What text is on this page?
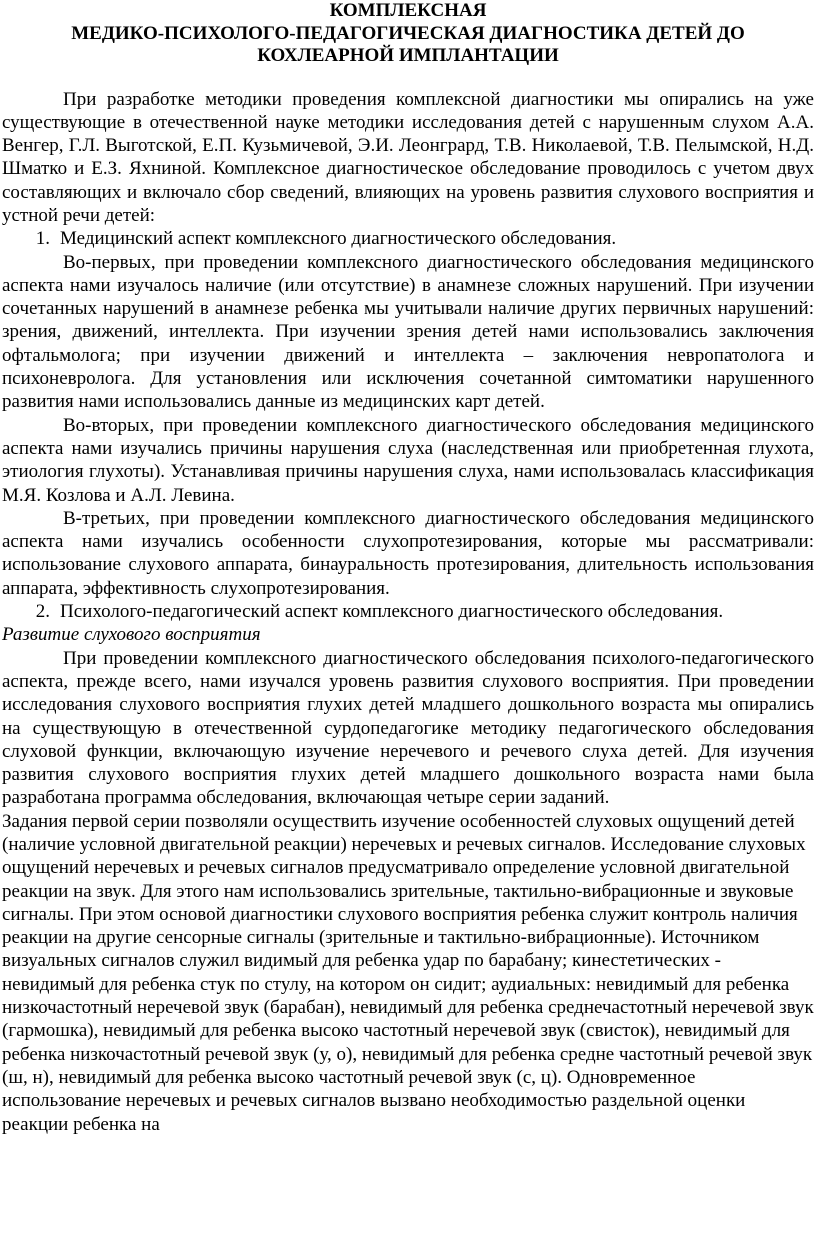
КОМПЛЕКСНАЯ
МЕДИКО-ПСИХОЛОГО-ПЕДАГОГИЧЕСКАЯ ДИАГНОСТИКА ДЕТЕЙ ДО
КОХЛЕАРНОЙ ИМПЛАНТАЦИИ

При разработке методики проведения комплексной диагностики мы опирались на уже существующие в отечественной науке методики исследования детей с нарушенным слухом А.А. Венгер, Г.Л. Выготской, Е.П. Кузьмичевой, Э.И. Леонгрард, Т.В. Николаевой, Т.В. Пелымской, Н.Д. Шматко и Е.З. Яхниной. Комплексное диагностическое обследование проводилось с учетом двух составляющих и включало сбор сведений, влияющих на уровень развития слухового восприятия и устной речи детей:

1. Медицинский аспект комплексного диагностического обследования.

Во-первых, при проведении комплексного диагностического обследования медицинского аспекта нами изучалось наличие (или отсутствие) в анамнезе сложных нарушений. При изучении сочетанных нарушений в анамнезе ребенка мы учитывали наличие других первичных нарушений: зрения, движений, интеллекта. При изучении зрения детей нами использовались заключения офтальмолога; при изучении движений и интеллекта – заключения невропатолога и психоневролога. Для установления или исключения сочетанной симтоматики нарушенного развития нами использовались данные из медицинских карт детей.

Во-вторых, при проведении комплексного диагностического обследования медицинского аспекта нами изучались причины нарушения слуха (наследственная или приобретенная глухота, этиология глухоты). Устанавливая причины нарушения слуха, нами использовалась классификация М.Я. Козлова и А.Л. Левина.

В-третьих, при проведении комплексного диагностического обследования медицинского аспекта нами изучались особенности слухопротезирования, которые мы рассматривали: использование слухового аппарата, бинауральность протезирования, длительность использования аппарата, эффективность слухопротезирования.

2. Психолого-педагогический аспект комплексного диагностического обследования.

Развитие слухового восприятия

При проведении комплексного диагностического обследования психолого-педагогического аспекта, прежде всего, нами изучался уровень развития слухового восприятия. При проведении исследования слухового восприятия глухих детей младшего дошкольного возраста мы опирались на существующую в отечественной сурдопедагогике методику педагогического обследования слуховой функции, включающую изучение неречевого и речевого слуха детей. Для изучения развития слухового восприятия глухих детей младшего дошкольного возраста нами была разработана программа обследования, включающая четыре серии заданий.

Задания первой серии позволяли осуществить изучение особенностей слуховых ощущений детей (наличие условной двигательной реакции) неречевых и речевых сигналов. Исследование слуховых ощущений неречевых и речевых сигналов предусматривало определение условной двигательной реакции на звук. Для этого нам использовались зрительные, тактильно-вибрационные и звуковые сигналы. При этом основой диагностики слухового восприятия ребенка служит контроль наличия реакции на другие сенсорные сигналы (зрительные и тактильно-вибрационные). Источником визуальных сигналов служил видимый для ребенка удар по барабану; кинестетических - невидимый для ребенка стук по стулу, на котором он сидит; аудиальных: невидимый для ребенка низкочастотный неречевой звук (барабан), невидимый для ребенка среднечастотный неречевой звук (гармошка), невидимый для ребенка высоко частотный неречевой звук (свисток), невидимый для ребенка низкочастотный речевой звук (у, о), невидимый для ребенка средне частотный речевой звук (ш, н), невидимый для ребенка высоко частотный речевой звук (с, ц). Одновременное использование неречевых и речевых сигналов вызвано необходимостью раздельной оценки реакции ребенка на
